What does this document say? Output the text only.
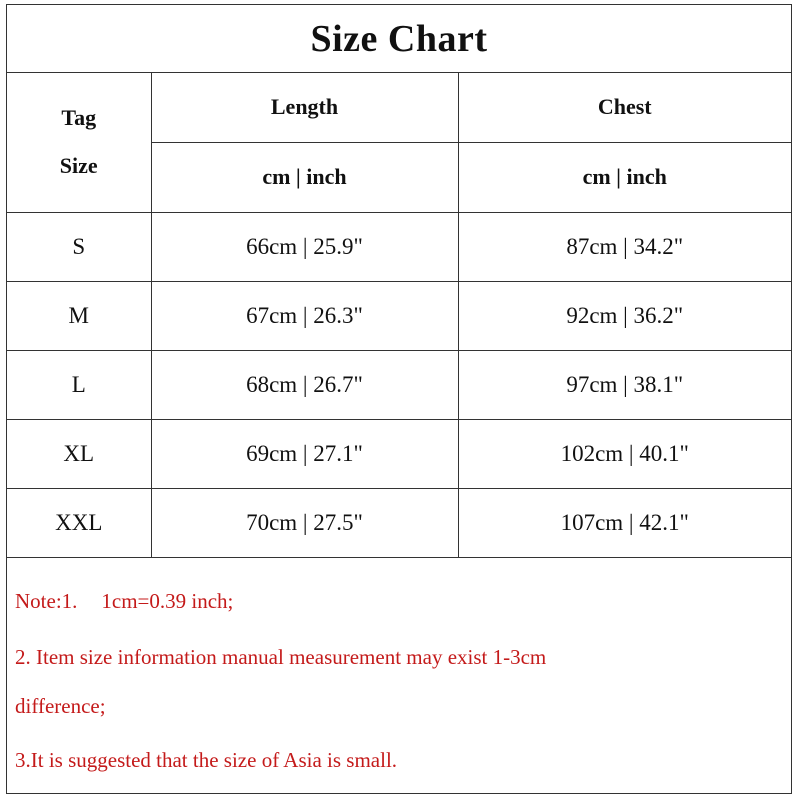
Size Chart
Tag
Size	Length	Chest
	cm | inch	cm | inch
S	66cm | 25.9"	87cm | 34.2"
M	67cm | 26.3"	92cm | 36.2"
L	68cm | 26.7"	97cm | 38.1"
XL	69cm | 27.1"	102cm | 40.1"
XXL	70cm | 27.5"	107cm | 42.1"
Note:1. 1cm=0.39 inch;
2. Item size information manual measurement may exist 1-3cm
difference;
3.It is suggested that the size of Asia is small.
